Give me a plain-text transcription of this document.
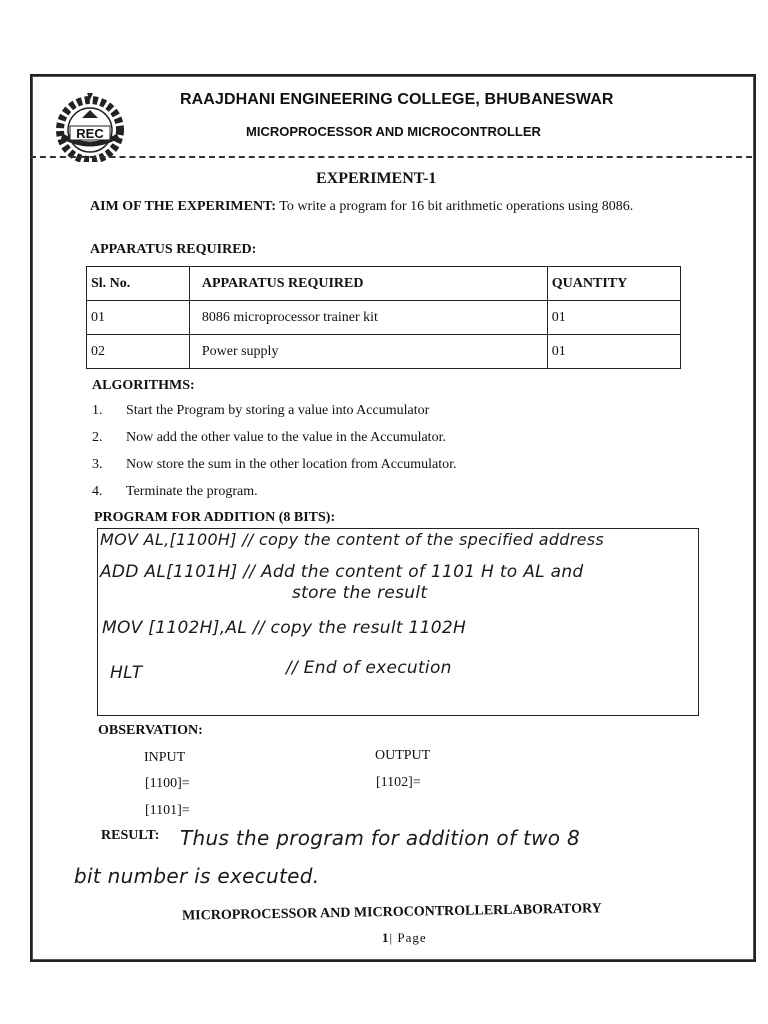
REC
RAAJDHANI ENGINEERING COLLEGE, BHUBANESWAR
MICROPROCESSOR AND MICROCONTROLLER
EXPERIMENT-1
AIM OF THE EXPERIMENT: To write a program for 16 bit arithmetic operations using 8086.
APPARATUS REQUIRED:
Sl. No.	APPARATUS REQUIRED	QUANTITY
01	8086 microprocessor trainer kit	01
02	Power supply	01
ALGORITHMS:
1. Start the Program by storing a value into Accumulator
2. Now add the other value to the value in the Accumulator.
3. Now store the sum in the other location from Accumulator.
4. Terminate the program.
PROGRAM FOR ADDITION (8 BITS):
MOV AL,[1100H] // copy the content of the specified address
ADD AL[1101H] // Add the content of 1101 H to AL and
store the result
MOV [1102H],AL // copy the result 1102H
HLT	// End of execution
OBSERVATION:
INPUT	OUTPUT
[1100]=	[1102]=
[1101]=
RESULT: Thus the program for addition of two 8
bit number is executed.
MICROPROCESSOR AND MICROCONTROLLERLABORATORY
1| Page
